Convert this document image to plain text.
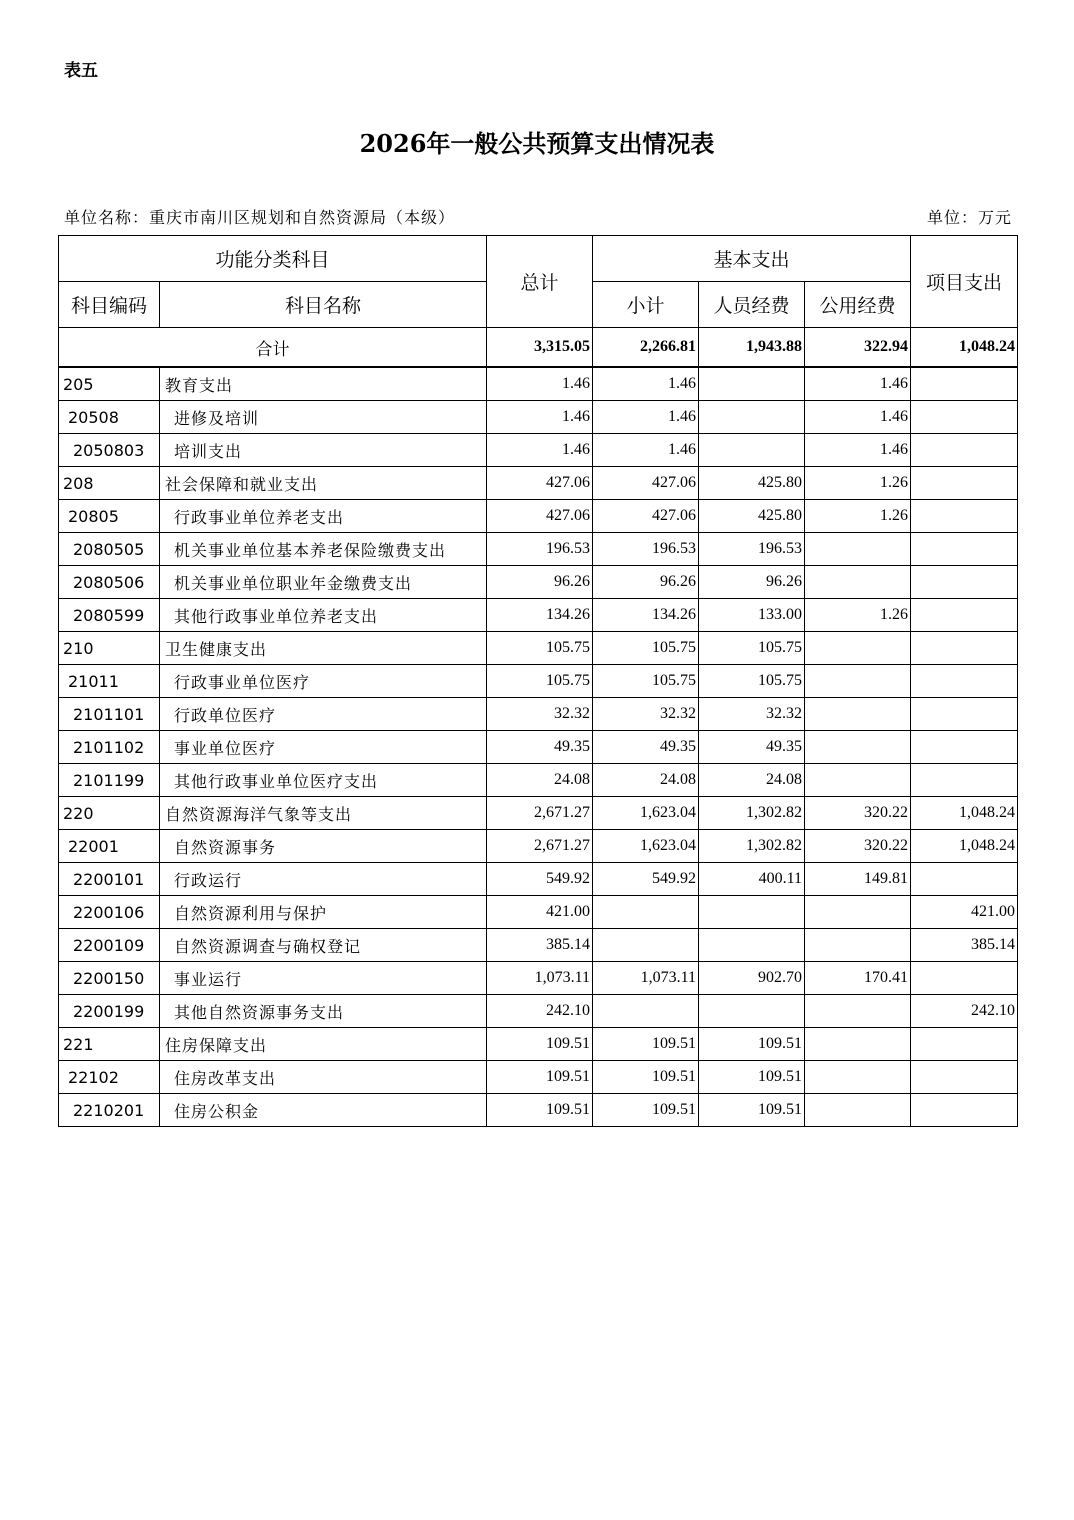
表五
2026年一般公共预算支出情况表
单位名称：重庆市南川区规划和自然资源局（本级）	单位：万元
功能分类科目		总计	基本支出			项目支出
科目编码	科目名称		小计	人员经费	公用经费	
合计		3,315.05	2,266.81	1,943.88	322.94	1,048.24
205	教育支出	1.46	1.46		1.46	
20508	进修及培训	1.46	1.46		1.46	
2050803	培训支出	1.46	1.46		1.46	
208	社会保障和就业支出	427.06	427.06	425.80	1.26	
20805	行政事业单位养老支出	427.06	427.06	425.80	1.26	
2080505	机关事业单位基本养老保险缴费支出	196.53	196.53	196.53		
2080506	机关事业单位职业年金缴费支出	96.26	96.26	96.26		
2080599	其他行政事业单位养老支出	134.26	134.26	133.00	1.26	
210	卫生健康支出	105.75	105.75	105.75		
21011	行政事业单位医疗	105.75	105.75	105.75		
2101101	行政单位医疗	32.32	32.32	32.32		
2101102	事业单位医疗	49.35	49.35	49.35		
2101199	其他行政事业单位医疗支出	24.08	24.08	24.08		
220	自然资源海洋气象等支出	2,671.27	1,623.04	1,302.82	320.22	1,048.24
22001	自然资源事务	2,671.27	1,623.04	1,302.82	320.22	1,048.24
2200101	行政运行	549.92	549.92	400.11	149.81	
2200106	自然资源利用与保护	421.00				421.00
2200109	自然资源调查与确权登记	385.14				385.14
2200150	事业运行	1,073.11	1,073.11	902.70	170.41	
2200199	其他自然资源事务支出	242.10				242.10
221	住房保障支出	109.51	109.51	109.51		
22102	住房改革支出	109.51	109.51	109.51		
2210201	住房公积金	109.51	109.51	109.51		
